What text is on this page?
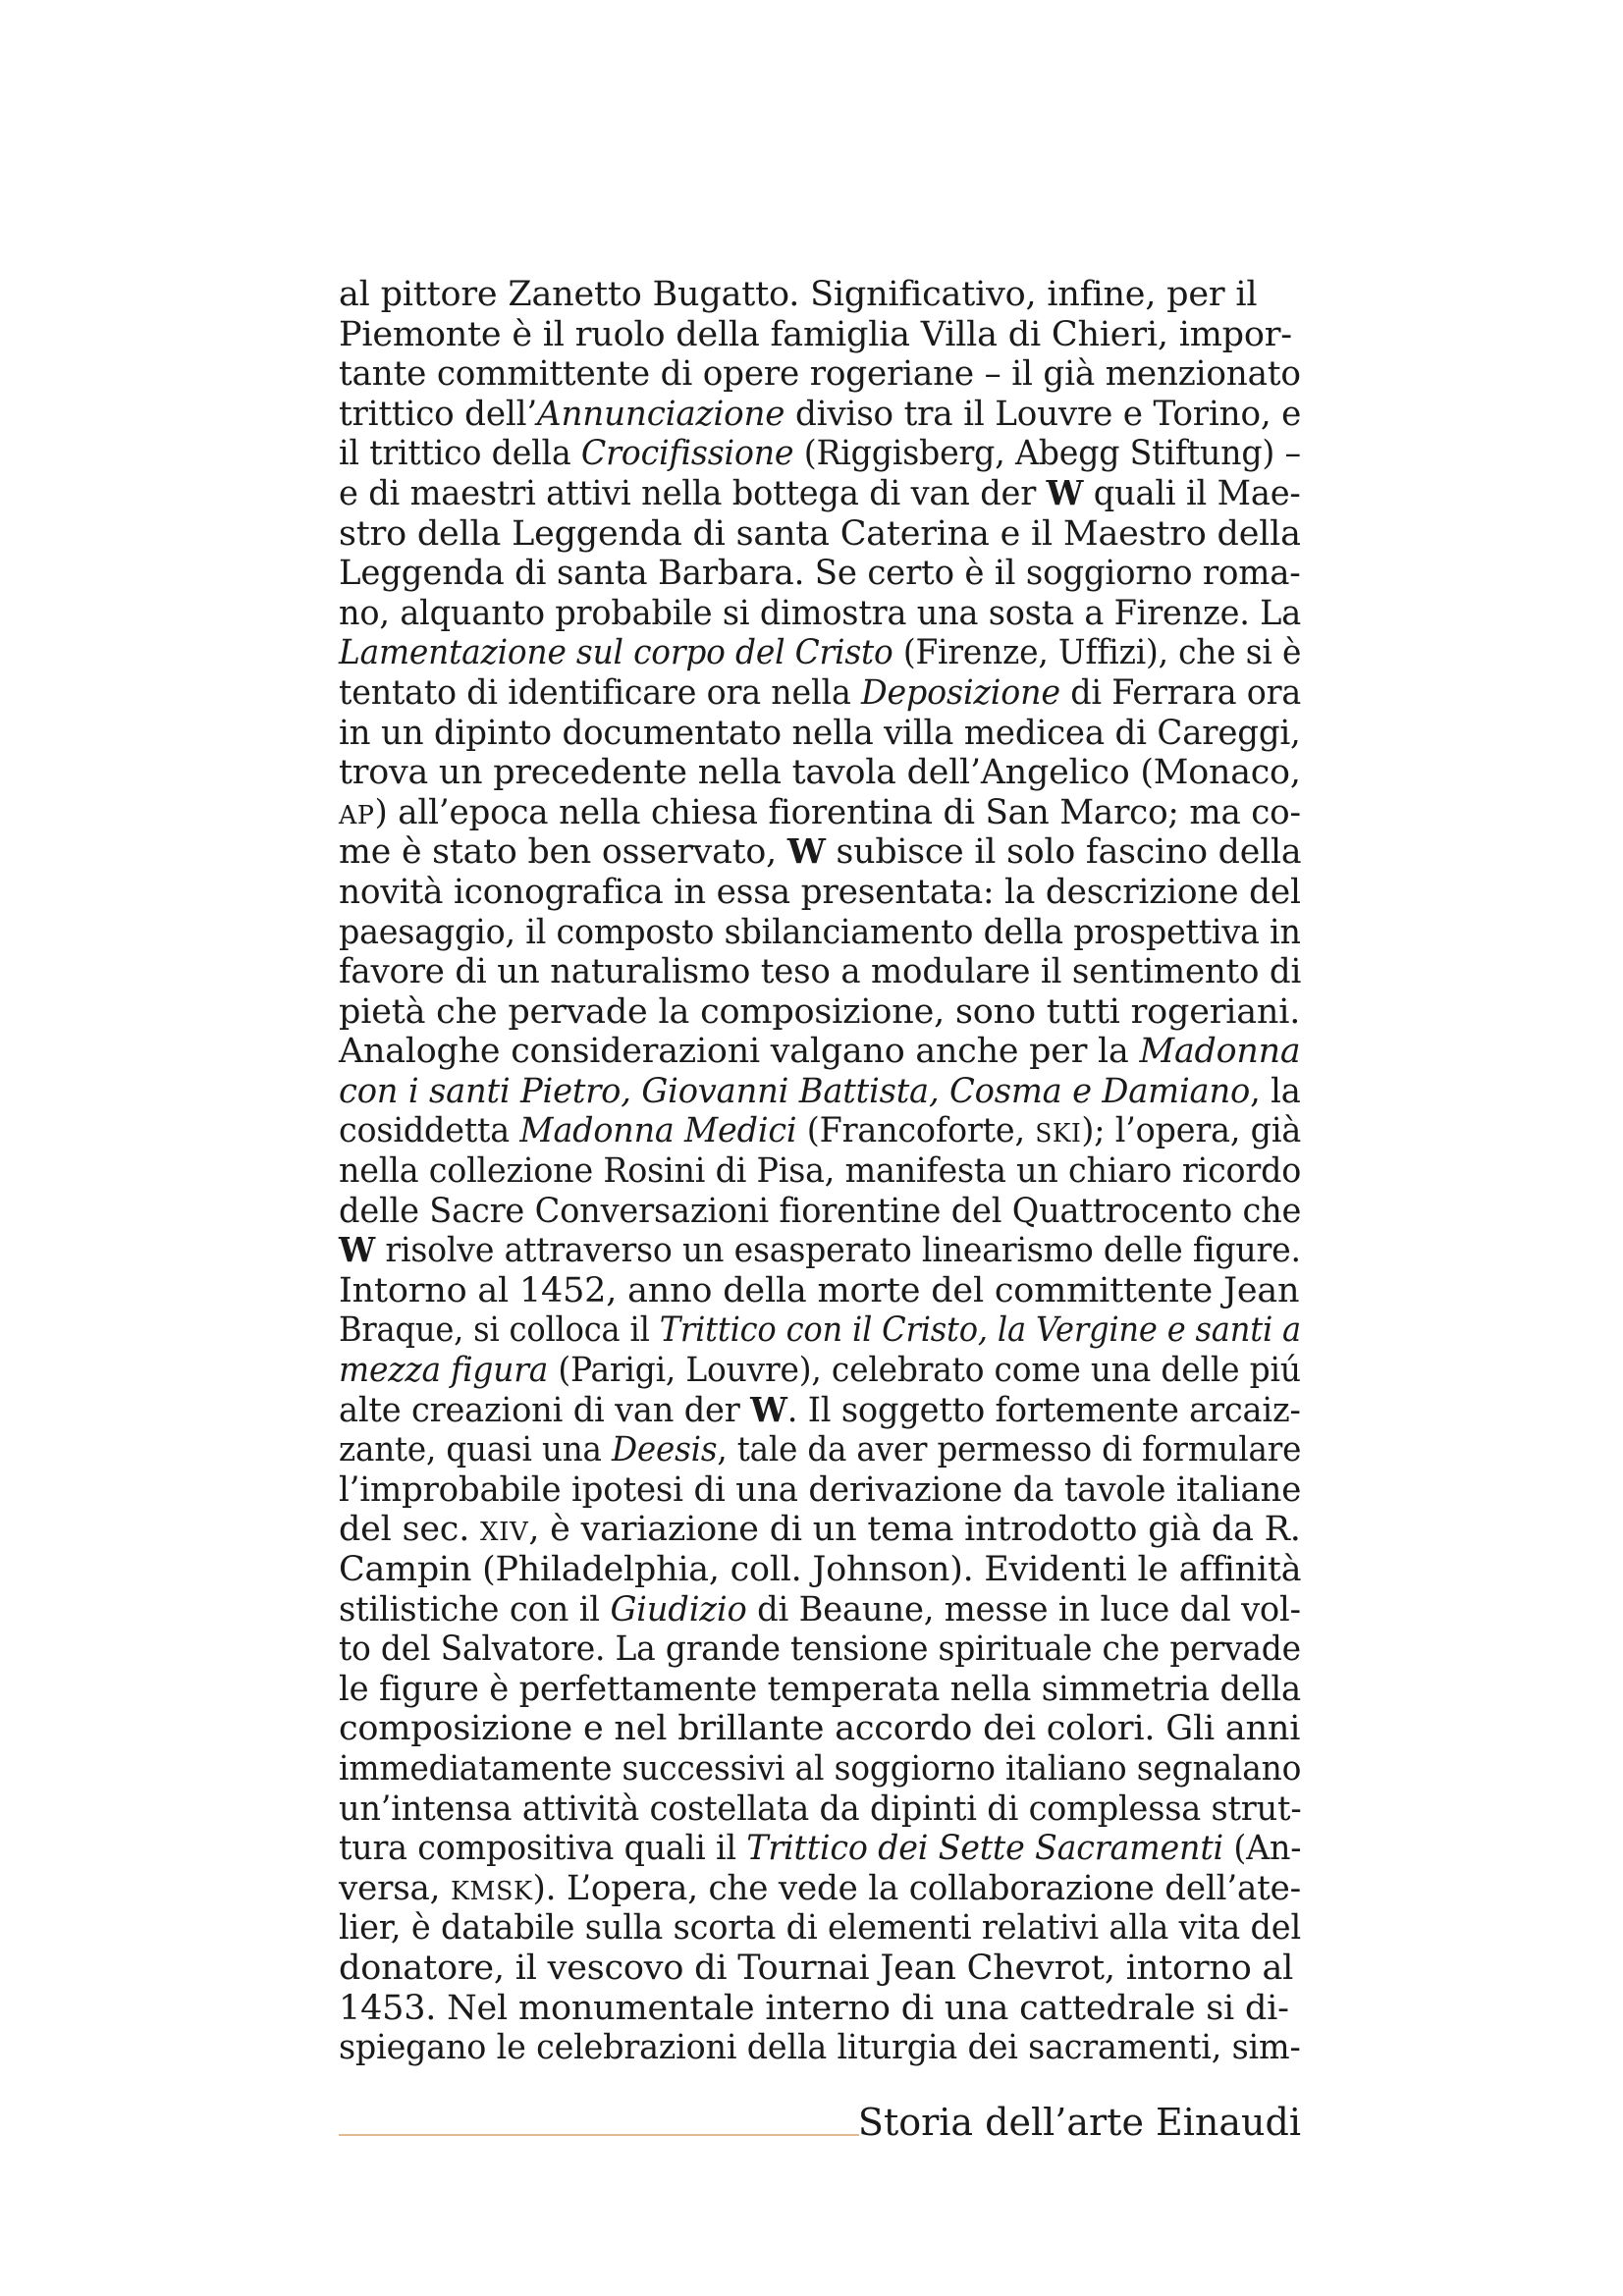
al pittore Zanetto Bugatto. Significativo, infine, per il
Piemonte è il ruolo della famiglia Villa di Chieri, impor-
tante committente di opere rogeriane – il già menzionato
trittico dell’Annunciazione diviso tra il Louvre e Torino, e
il trittico della Crocifissione (Riggisberg, Abegg Stiftung) –
e di maestri attivi nella bottega di van der W quali il Mae-
stro della Leggenda di santa Caterina e il Maestro della
Leggenda di santa Barbara. Se certo è il soggiorno roma-
no, alquanto probabile si dimostra una sosta a Firenze. La
Lamentazione sul corpo del Cristo (Firenze, Uffizi), che si è
tentato di identificare ora nella Deposizione di Ferrara ora
in un dipinto documentato nella villa medicea di Careggi,
trova un precedente nella tavola dell’Angelico (Monaco,
AP) all’epoca nella chiesa fiorentina di San Marco; ma co-
me è stato ben osservato, W subisce il solo fascino della
novità iconografica in essa presentata: la descrizione del
paesaggio, il composto sbilanciamento della prospettiva in
favore di un naturalismo teso a modulare il sentimento di
pietà che pervade la composizione, sono tutti rogeriani.
Analoghe considerazioni valgano anche per la Madonna
con i santi Pietro, Giovanni Battista, Cosma e Damiano, la
cosiddetta Madonna Medici (Francoforte, SKI); l’opera, già
nella collezione Rosini di Pisa, manifesta un chiaro ricordo
delle Sacre Conversazioni fiorentine del Quattrocento che
W risolve attraverso un esasperato linearismo delle figure.
Intorno al 1452, anno della morte del committente Jean
Braque, si colloca il Trittico con il Cristo, la Vergine e santi a
mezza figura (Parigi, Louvre), celebrato come una delle piú
alte creazioni di van der W. Il soggetto fortemente arcaiz-
zante, quasi una Deesis, tale da aver permesso di formulare
l’improbabile ipotesi di una derivazione da tavole italiane
del sec. XIV, è variazione di un tema introdotto già da R.
Campin (Philadelphia, coll. Johnson). Evidenti le affinità
stilistiche con il Giudizio di Beaune, messe in luce dal vol-
to del Salvatore. La grande tensione spirituale che pervade
le figure è perfettamente temperata nella simmetria della
composizione e nel brillante accordo dei colori. Gli anni
immediatamente successivi al soggiorno italiano segnalano
un’intensa attività costellata da dipinti di complessa strut-
tura compositiva quali il Trittico dei Sette Sacramenti (An-
versa, KMSK). L’opera, che vede la collaborazione dell’ate-
lier, è databile sulla scorta di elementi relativi alla vita del
donatore, il vescovo di Tournai Jean Chevrot, intorno al
1453. Nel monumentale interno di una cattedrale si di-
spiegano le celebrazioni della liturgia dei sacramenti, sim-
Storia dell’arte Einaudi
